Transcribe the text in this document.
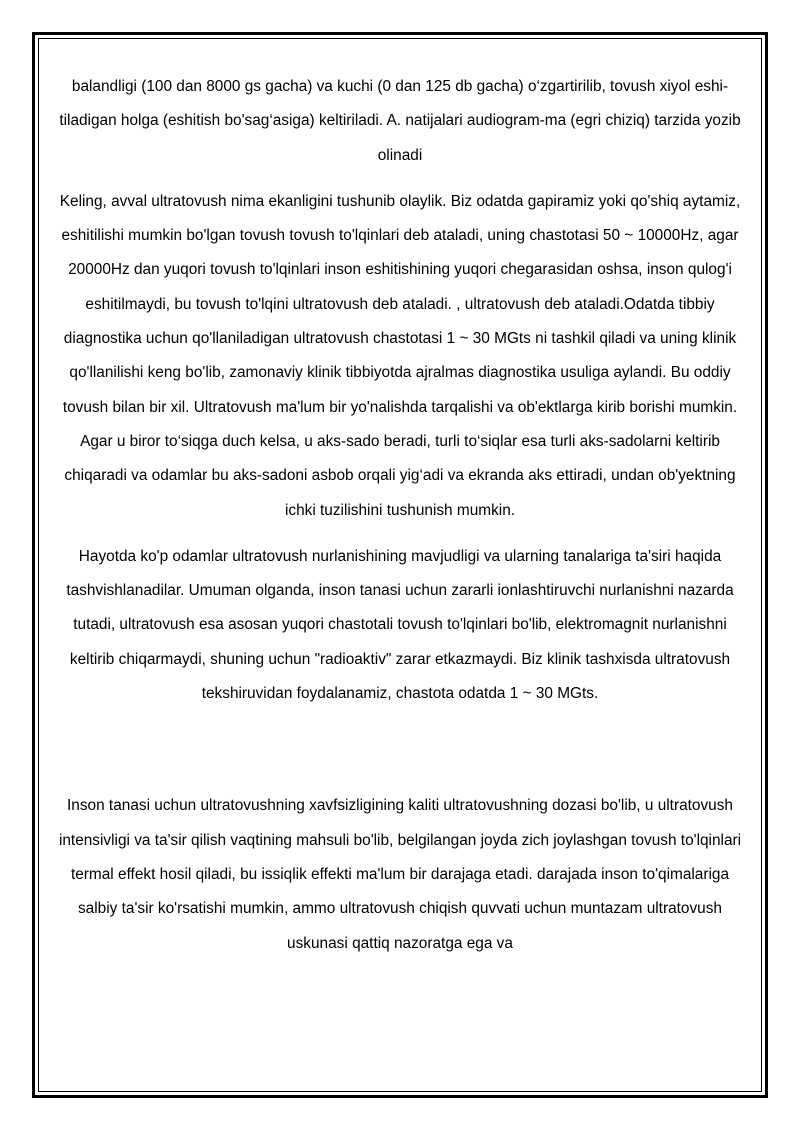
balandligi (100 dan 8000 gs gacha) va kuchi (0 dan 125 db gacha) o‘zgartirilib, tovush xiyol eshi-tiladigan holga (eshitish bo'sag‘asiga) keltiriladi. A. natijalari audiogram-ma (egri chiziq) tarzida yozib olinadi

Keling, avval ultratovush nima ekanligini tushunib olaylik. Biz odatda gapiramiz yoki qo'shiq aytamiz, eshitilishi mumkin bo'lgan tovush tovush to'lqinlari deb ataladi, uning chastotasi 50 ~ 10000Hz, agar 20000Hz dan yuqori tovush to'lqinlari inson eshitishining yuqori chegarasidan oshsa, inson qulog'i eshitilmaydi, bu tovush to'lqini ultratovush deb ataladi. , ultratovush deb ataladi.Odatda tibbiy diagnostika uchun qo'llaniladigan ultratovush chastotasi 1 ~ 30 MGts ni tashkil qiladi va uning klinik qo'llanilishi keng bo'lib, zamonaviy klinik tibbiyotda ajralmas diagnostika usuliga aylandi. Bu oddiy tovush bilan bir xil. Ultratovush ma'lum bir yo'nalishda tarqalishi va ob'ektlarga kirib borishi mumkin. Agar u biror to‘siqga duch kelsa, u aks-sado beradi, turli to‘siqlar esa turli aks-sadolarni keltirib chiqaradi va odamlar bu aks-sadoni asbob orqali yig‘adi va ekranda aks ettiradi, undan ob'yektning ichki tuzilishini tushunish mumkin.

Hayotda ko'p odamlar ultratovush nurlanishining mavjudligi va ularning tanalariga ta'siri haqida tashvishlanadilar. Umuman olganda, inson tanasi uchun zararli ionlashtiruvchi nurlanishni nazarda tutadi, ultratovush esa asosan yuqori chastotali tovush to'lqinlari bo'lib, elektromagnit nurlanishni keltirib chiqarmaydi, shuning uchun "radioaktiv" zarar etkazmaydi. Biz klinik tashxisda ultratovush tekshiruvidan foydalanamiz, chastota odatda 1 ~ 30 MGts.

Inson tanasi uchun ultratovushning xavfsizligining kaliti ultratovushning dozasi bo'lib, u ultratovush intensivligi va ta'sir qilish vaqtining mahsuli bo'lib, belgilangan joyda zich joylashgan tovush to'lqinlari termal effekt hosil qiladi, bu issiqlik effekti ma'lum bir darajaga etadi. darajada inson to'qimalariga salbiy ta'sir ko'rsatishi mumkin, ammo ultratovush chiqish quvvati uchun muntazam ultratovush uskunasi qattiq nazoratga ega va
